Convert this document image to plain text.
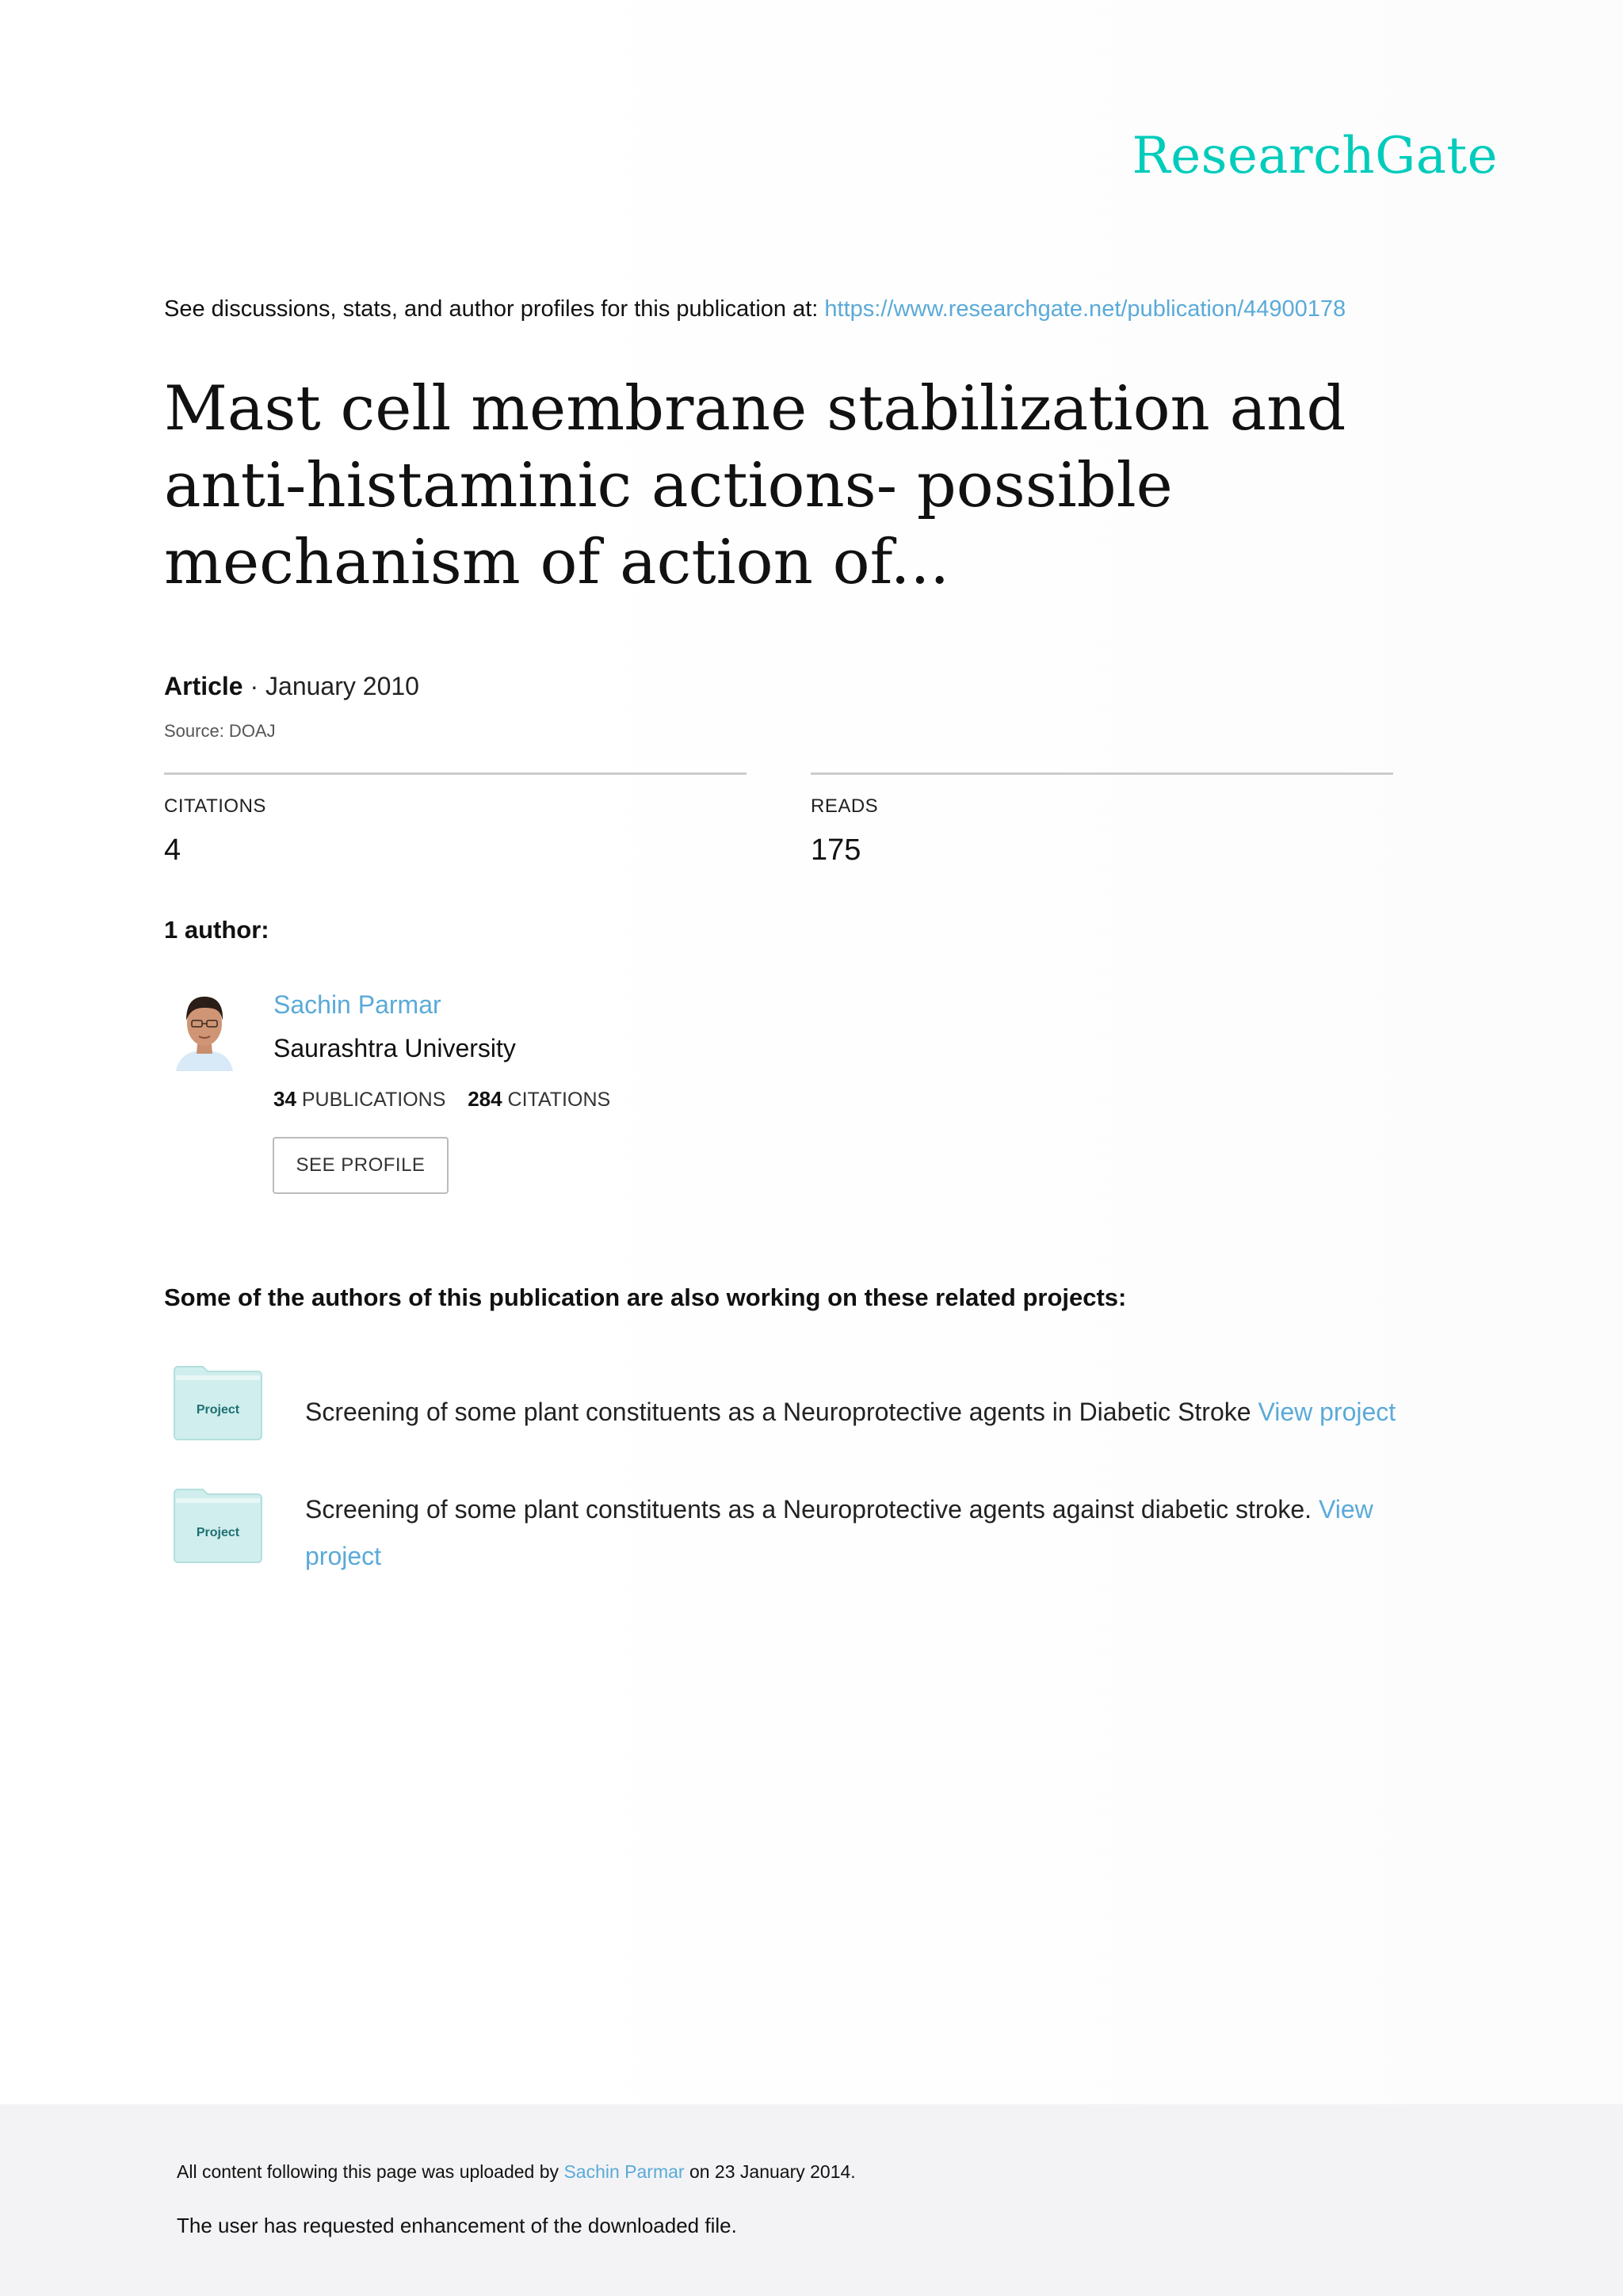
ResearchGate
See discussions, stats, and author profiles for this publication at: https://www.researchgate.net/publication/44900178
Mast cell membrane stabilization and anti-histaminic actions- possible mechanism of action of...
Article · January 2010
Source: DOAJ
CITATIONS
4
READS
175
1 author:
Sachin Parmar
Saurashtra University
34 PUBLICATIONS 284 CITATIONS
SEE PROFILE
Some of the authors of this publication are also working on these related projects:
Project	Screening of some plant constituents as a Neuroprotective agents in Diabetic Stroke View project
Project
Screening of some plant constituents as a Neuroprotective agents against diabetic stroke. View project
All content following this page was uploaded by Sachin Parmar on 23 January 2014.
The user has requested enhancement of the downloaded file.
